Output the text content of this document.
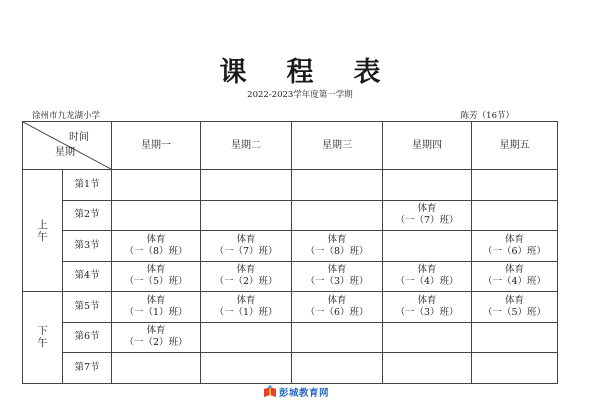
课程表
2022-2023学年度第一学期
徐州市九龙湖小学	陈芳（16节）
时间
星期		星期一	星期二	星期三	星期四	星期五
上
午	第1节	

	第2节				体育
（一（7）班）	

	第3节	体育
（一（8）班）	体育
（一（7）班）	体育
（一（8）班）		体育
（一（6）班）

	第4节	体育
（一（5）班）	体育
（一（2）班）	体育
（一（3）班）	体育
（一（4）班）	体育
（一（4）班）

下
午	第5节	体育
（一（1）班）	体育
（一（1）班）	体育
（一（6）班）	体育
（一（3）班）	体育
（一（5）班）

	第6节	体育
（一（2）班）				

	第7节	

彭城教育网
